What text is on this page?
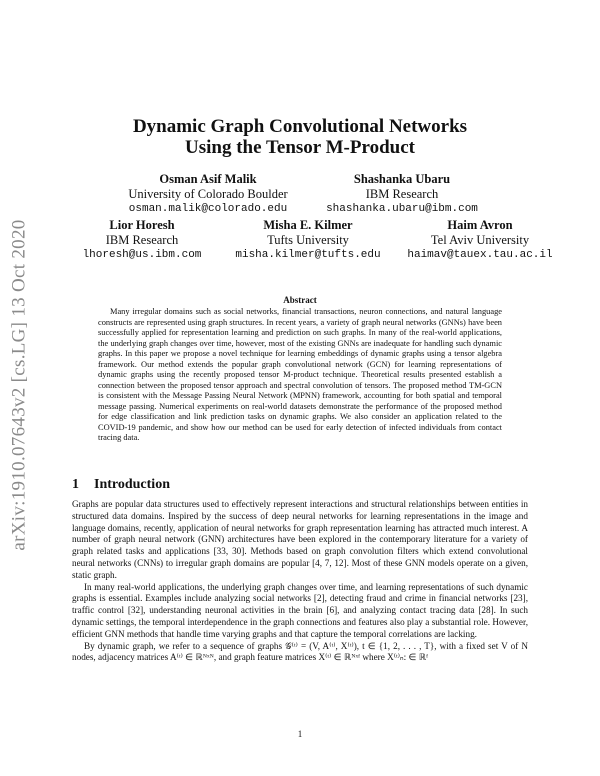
arXiv:1910.07643v2 [cs.LG] 13 Oct 2020
Dynamic Graph Convolutional Networks
Using the Tensor M-Product
Osman Asif Malik
University of Colorado Boulder
osman.malik@colorado.edu
Shashanka Ubaru
IBM Research
shashanka.ubaru@ibm.com
Lior Horesh
IBM Research
lhoresh@us.ibm.com
Misha E. Kilmer
Tufts University
misha.kilmer@tufts.edu
Haim Avron
Tel Aviv University
haimav@tauex.tau.ac.il
Abstract
Many irregular domains such as social networks, financial transactions, neuron connections, and natural language constructs are represented using graph structures. In recent years, a variety of graph neural networks (GNNs) have been successfully applied for representation learning and prediction on such graphs. In many of the real-world applications, the underlying graph changes over time, however, most of the existing GNNs are inadequate for handling such dynamic graphs. In this paper we propose a novel technique for learning embeddings of dynamic graphs using a tensor algebra framework. Our method extends the popular graph convolutional network (GCN) for learning representations of dynamic graphs using the recently proposed tensor M-product technique. Theoretical results presented establish a connection between the proposed tensor approach and spectral convolution of tensors. The proposed method TM-GCN is consistent with the Message Passing Neural Network (MPNN) framework, accounting for both spatial and temporal message passing. Numerical experiments on real-world datasets demonstrate the performance of the proposed method for edge classification and link prediction tasks on dynamic graphs. We also consider an application related to the COVID-19 pandemic, and show how our method can be used for early detection of infected individuals from contact tracing data.
1 Introduction

Graphs are popular data structures used to effectively represent interactions and structural relationships between entities in structured data domains. Inspired by the success of deep neural networks for learning representations in the image and language domains, recently, application of neural networks for graph representation learning has attracted much interest. A number of graph neural network (GNN) architectures have been explored in the contemporary literature for a variety of graph related tasks and applications [33, 30]. Methods based on graph convolution filters which extend convolutional neural networks (CNNs) to irregular graph domains are popular [4, 7, 12]. Most of these GNN models operate on a given, static graph.

In many real-world applications, the underlying graph changes over time, and learning representations of such dynamic graphs is essential. Examples include analyzing social networks [2], detecting fraud and crime in financial networks [23], traffic control [32], understanding neuronal activities in the brain [6], and analyzing contact tracing data [28]. In such dynamic settings, the temporal interdependence in the graph connections and features also play a substantial role. However, efficient GNN methods that handle time varying graphs and that capture the temporal correlations are lacking.

By dynamic graph, we refer to a sequence of graphs 𝒢⁽ᵗ⁾ = (V, A⁽ᵗ⁾, X⁽ᵗ⁾), t ∈ {1, 2, . . . , T}, with a fixed set V of N nodes, adjacency matrices A⁽ᵗ⁾ ∈ ℝᴺˣᴺ, and graph feature matrices X⁽ᵗ⁾ ∈ ℝᴺˣᶠ where X⁽ᵗ⁾ₙ: ∈ ℝᶠ

1
